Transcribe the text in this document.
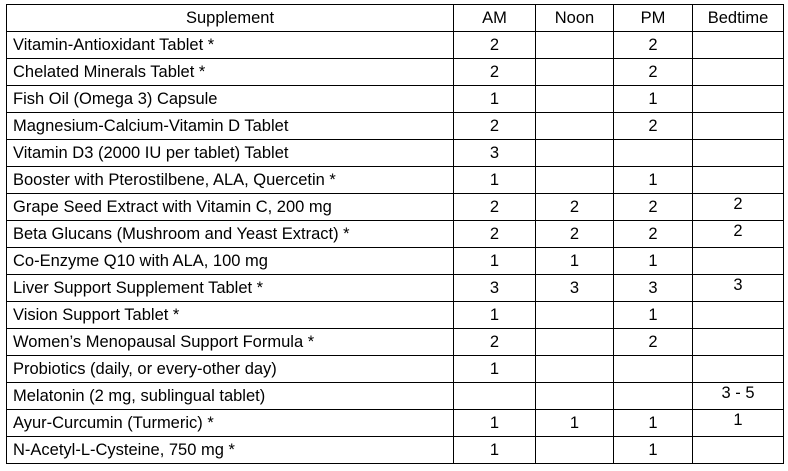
Supplement	AM	Noon	PM	Bedtime
Vitamin-Antioxidant Tablet *	2		2	
Chelated Minerals Tablet *	2		2	
Fish Oil (Omega 3) Capsule	1		1	
Magnesium-Calcium-Vitamin D Tablet	2		2	
Vitamin D3 (2000 IU per tablet) Tablet	3			
Booster with Pterostilbene, ALA, Quercetin *	1		1	
Grape Seed Extract with Vitamin C, 200 mg	2	2	2	2
Beta Glucans (Mushroom and Yeast Extract) *	2	2	2	2
Co-Enzyme Q10 with ALA, 100 mg	1	1	1	
Liver Support Supplement Tablet *	3	3	3	3
Vision Support Tablet *	1		1	
Women’s Menopausal Support Formula *	2		2	
Probiotics (daily, or every-other day)	1			
Melatonin (2 mg, sublingual tablet)				3 - 5
Ayur-Curcumin (Turmeric) *	1	1	1	1
N-Acetyl-L-Cysteine, 750 mg *	1		1	
